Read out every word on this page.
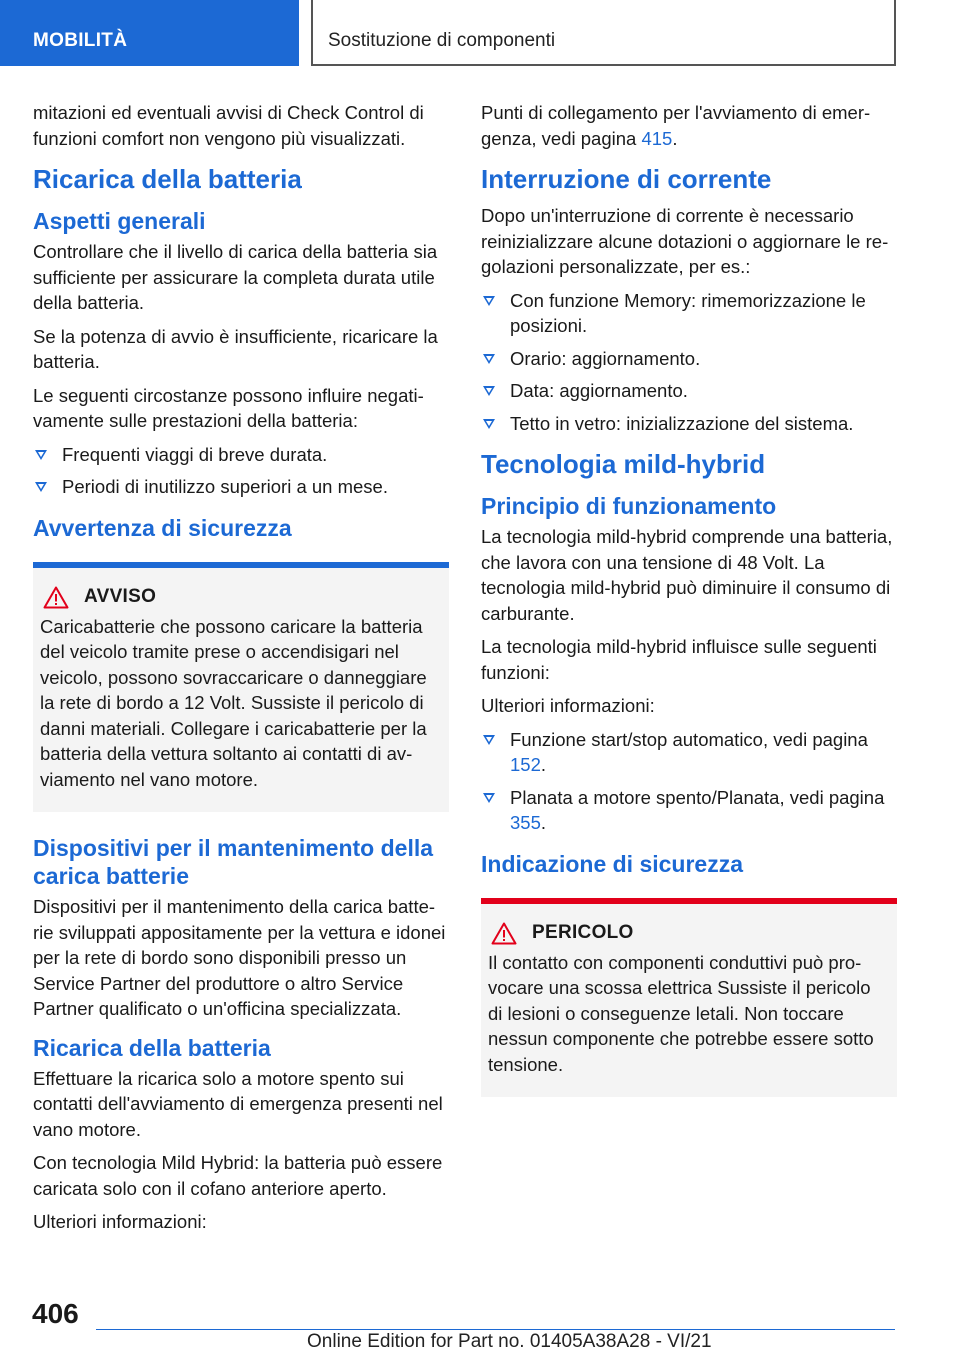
MOBILITÀ	Sostituzione di componenti

mitazioni ed eventuali avvisi di Check Control di funzioni comfort non vengono più visualizzati.

Ricarica della batteria
Aspetti generali

Controllare che il livello di carica della batteria sia sufficiente per assicurare la completa durata utile della batteria.

Se la potenza di avvio è insufficiente, ricaricare la batteria.

Le seguenti circostanze possono influire negativamente sulle prestazioni della batteria:

Frequenti viaggi di breve durata.
Periodi di inutilizzo superiori a un mese.
Avvertenza di sicurezza
AVVISO

Caricabatterie che possono caricare la batteria del veicolo tramite prese o accendisigari nel veicolo, possono sovraccaricare o danneggiare la rete di bordo a 12 Volt. Sussiste il pericolo di danni materiali. Collegare i caricabatterie per la batteria della vettura soltanto ai contatti di avviamento nel vano motore.

Dispositivi per il mantenimento della carica batterie

Dispositivi per il mantenimento della carica batterie sviluppati appositamente per la vettura e idonei per la rete di bordo sono disponibili presso un Service Partner del produttore o altro Service Partner qualificato o un'officina specializzata.

Ricarica della batteria

Effettuare la ricarica solo a motore spento sui contatti dell'avviamento di emergenza presenti nel vano motore.

Con tecnologia Mild Hybrid: la batteria può essere caricata solo con il cofano anteriore aperto.

Ulteriori informazioni:

Punti di collegamento per l'avviamento di emergenza, vedi pagina 415.

Interruzione di corrente

Dopo un'interruzione di corrente è necessario reinizializzare alcune dotazioni o aggiornare le regolazioni personalizzate, per es.:

Con funzione Memory: rimemorizzazione le posizioni.
Orario: aggiornamento.
Data: aggiornamento.
Tetto in vetro: inizializzazione del sistema.
Tecnologia mild-hybrid
Principio di funzionamento

La tecnologia mild-hybrid comprende una batteria, che lavora con una tensione di 48 Volt. La tecnologia mild-hybrid può diminuire il consumo di carburante.

La tecnologia mild-hybrid influisce sulle seguenti funzioni:

Ulteriori informazioni:

Funzione start/stop automatico, vedi pagina 152.
Planata a motore spento/Planata, vedi pagina 355.
Indicazione di sicurezza
PERICOLO

Il contatto con componenti conduttivi può provocare una scossa elettrica Sussiste il pericolo di lesioni o conseguenze letali. Non toccare nessun componente che potrebbe essere sotto tensione.

406
Online Edition for Part no. 01405A38A28 - VI/21
